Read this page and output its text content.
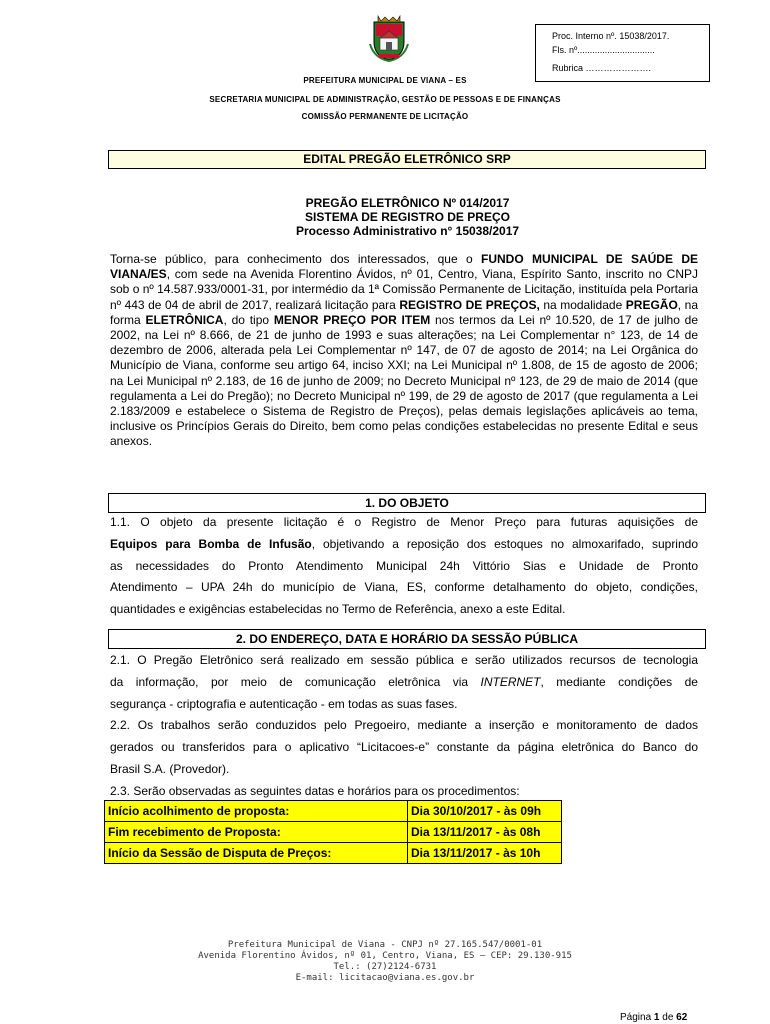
Proc. Interno nº. 15038/2017.
Fls. nº...............................
Rubrica ………………….
PREFEITURA MUNICIPAL DE VIANA – ES
SECRETARIA MUNICIPAL DE ADMINISTRAÇÃO, GESTÃO DE PESSOAS E DE FINANÇAS
COMISSÃO PERMANENTE DE LICITAÇÃO
EDITAL PREGÃO ELETRÔNICO SRP
PREGÃO ELETRÔNICO Nº 014/2017
SISTEMA DE REGISTRO DE PREÇO
Processo Administrativo n° 15038/2017
Torna-se público, para conhecimento dos interessados, que o FUNDO MUNICIPAL DE SAÚDE DE VIANA/ES, com sede na Avenida Florentino Ávidos, nº 01, Centro, Viana, Espírito Santo, inscrito no CNPJ sob o nº 14.587.933/0001-31, por intermédio da 1ª Comissão Permanente de Licitação, instituída pela Portaria nº 443 de 04 de abril de 2017, realizará licitação para REGISTRO DE PREÇOS, na modalidade PREGÃO, na forma ELETRÔNICA, do tipo MENOR PREÇO POR ITEM nos termos da Lei nº 10.520, de 17 de julho de 2002, na Lei nº 8.666, de 21 de junho de 1993 e suas alterações; na Lei Complementar n° 123, de 14 de dezembro de 2006, alterada pela Lei Complementar nº 147, de 07 de agosto de 2014; na Lei Orgânica do Município de Viana, conforme seu artigo 64, inciso XXI; na Lei Municipal nº 1.808, de 15 de agosto de 2006; na Lei Municipal nº 2.183, de 16 de junho de 2009; no Decreto Municipal nº 123, de 29 de maio de 2014 (que regulamenta a Lei do Pregão); no Decreto Municipal nº 199, de 29 de agosto de 2017 (que regulamenta a Lei 2.183/2009 e estabelece o Sistema de Registro de Preços), pelas demais legislações aplicáveis ao tema, inclusive os Princípios Gerais do Direito, bem como pelas condições estabelecidas no presente Edital e seus anexos.
1. DO OBJETO
1.1. O objeto da presente licitação é o Registro de Menor Preço para futuras aquisições de
Equipos para Bomba de Infusão, objetivando a reposição dos estoques no almoxarifado, suprindo
as necessidades do Pronto Atendimento Municipal 24h Vittório Sias e Unidade de Pronto
Atendimento – UPA 24h do município de Viana, ES, conforme detalhamento do objeto, condições,
quantidades e exigências estabelecidas no Termo de Referência, anexo a este Edital.
2. DO ENDEREÇO, DATA E HORÁRIO DA SESSÃO PÚBLICA
2.1. O Pregão Eletrônico será realizado em sessão pública e serão utilizados recursos de tecnologia
da informação, por meio de comunicação eletrônica via INTERNET, mediante condições de
segurança - criptografia e autenticação - em todas as suas fases.
2.2. Os trabalhos serão conduzidos pelo Pregoeiro, mediante a inserção e monitoramento de dados
gerados ou transferidos para o aplicativo “Licitacoes-e” constante da página eletrônica do Banco do
Brasil S.A. (Provedor).
2.3. Serão observadas as seguintes datas e horários para os procedimentos:
Início acolhimento de proposta:	Dia 30/10/2017 - às 09h
Fim recebimento de Proposta:	Dia 13/11/2017 - às 08h
Início da Sessão de Disputa de Preços:	Dia 13/11/2017 - às 10h
Prefeitura Municipal de Viana - CNPJ nº 27.165.547/0001-01
Avenida Florentino Ávidos, nº 01, Centro, Viana, ES – CEP: 29.130-915
Tel.: (27)2124-6731
E-mail: licitacao@viana.es.gov.br
Página 1 de 62
